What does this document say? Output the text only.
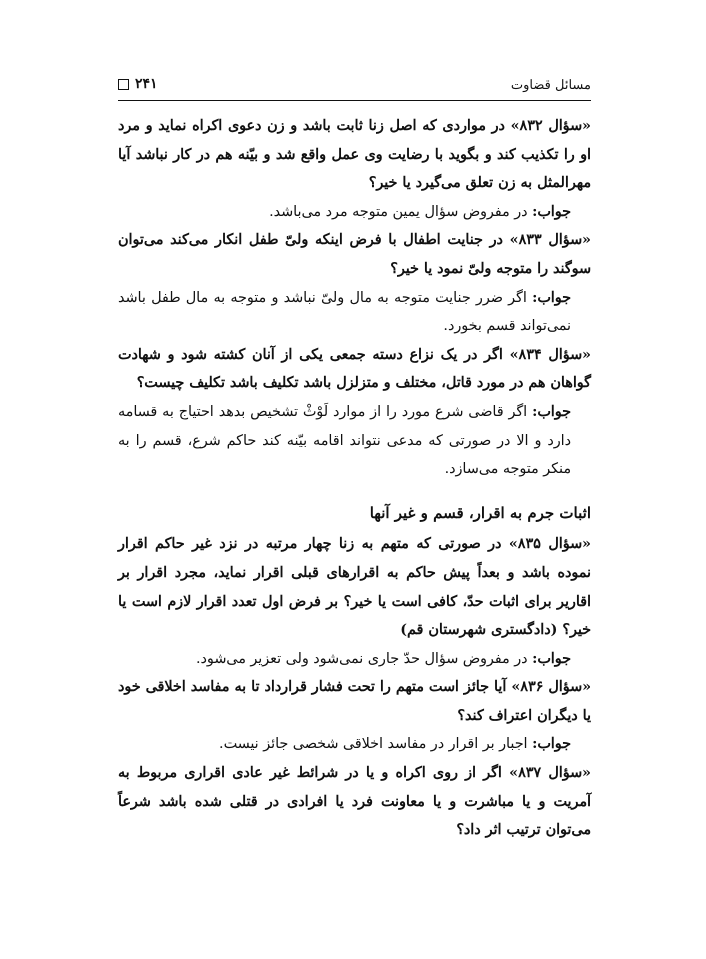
مسائل قضاوت
۲۴۱

«سؤال ۸۳۲» در مواردی که اصل زنا ثابت باشد و زن دعوی اکراه نماید و مرد او را تکذیب کند و بگوید با رضایت وی عمل واقع شد و بیّنه هم در کار نباشد آیا مهرالمثل به زن تعلق می‌گیرد یا خیر؟

جواب: در مفروض سؤال یمین متوجه مرد می‌باشد.

«سؤال ۸۳۳» در جنایت اطفال با فرض اینکه ولیّ طفل انکار می‌کند می‌توان سوگند را متوجه ولیّ نمود یا خیر؟

جواب: اگر ضرر جنایت متوجه به مال ولیّ نباشد و متوجه به مال طفل باشد نمی‌تواند قسم بخورد.

«سؤال ۸۳۴» اگر در یک نزاع دسته جمعی یکی از آنان کشته شود و شهادت گواهان هم در مورد قاتل، مختلف و متزلزل باشد تکلیف باشد تکلیف چیست؟

جواب: اگر قاضی شرع مورد را از موارد لَوْثْ تشخیص بدهد احتیاج به قسامه دارد و الا در صورتی که مدعی نتواند اقامه بیّنه کند حاکم شرع، قسم را به منکر متوجه می‌سازد.

اثبات جرم به اقرار، قسم و غیر آنها

«سؤال ۸۳۵» در صورتی که متهم به زنا چهار مرتبه در نزد غیر حاکم اقرار نموده باشد و بعداً پیش حاکم به اقرارهای قبلی اقرار نماید، مجرد اقرار بر اقاریر برای اثبات حدّ، کافی است یا خیر؟ بر فرض اول تعدد اقرار لازم است یا خیر؟ (دادگستری شهرستان قم)

جواب: در مفروض سؤال حدّ جاری نمی‌شود ولی تعزیر می‌شود.

«سؤال ۸۳۶» آیا جائز است متهم را تحت فشار قرارداد تا به مفاسد اخلاقی خود یا دیگران اعتراف کند؟

جواب: اجبار بر اقرار در مفاسد اخلاقی شخصی جائز نیست.

«سؤال ۸۳۷» اگر از روی اکراه و یا در شرائط غیر عادی اقراری مربوط به آمریت و یا مباشرت و یا معاونت فرد یا افرادی در قتلی شده باشد شرعاً می‌توان ترتیب اثر داد؟
